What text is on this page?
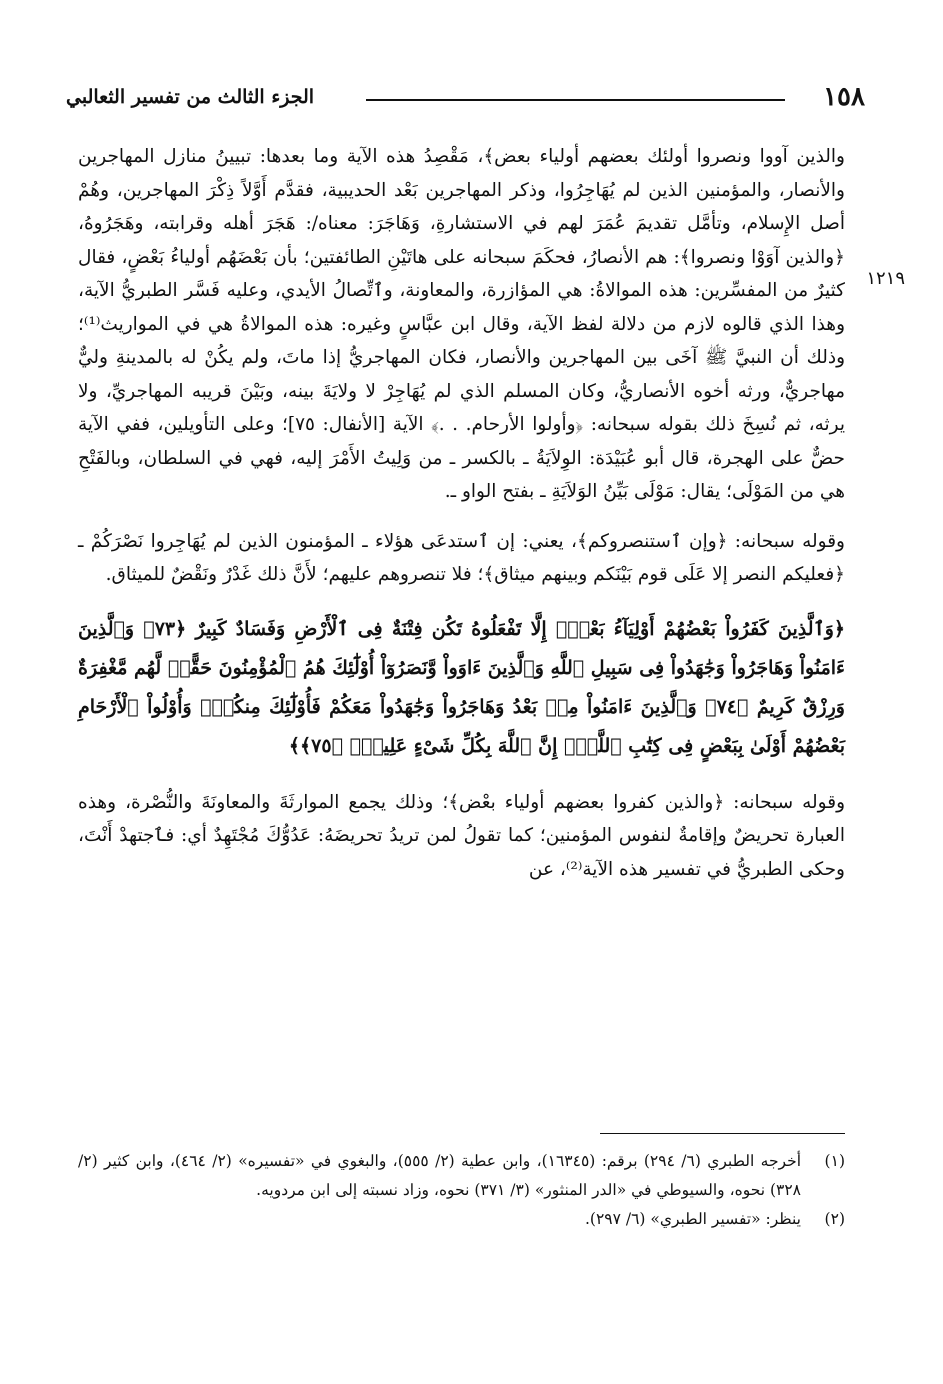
١٥٨
الجزء الثالث من تفسير الثعالبي
١٢١٩

والذين آووا ونصروا أولئك بعضهم أولياء بعض﴾، مَقْصِدُ هذه الآية وما بعدها: تبيينُ منازل المهاجرين والأنصار، والمؤمنين الذين لم يُهَاجِرُوا، وذكر المهاجرين بَعْد الحديبية، فقدَّم أَوَّلاً ذِكْرَ المهاجرين، وهُمْ أصل الإِسلام، وتأمَّل تقديمَ عُمَرَ لهم في الاستشارةِ، وَهَاجَرَ: معناه/: هَجَرَ أهله وقرابته، وهَجَرُوهُ، ﴿والذين آوَوْا ونصروا﴾: هم الأنصارُ، فحكَمَ سبحانه على هاتَيْنِ الطائفتين؛ بأن بَعْضَهُم أولياءُ بَعْضٍ، فقال كثيرٌ من المفسِّرين: هذه الموالاةُ: هي المؤازرة، والمعاونة، وٱتِّصالُ الأيدي، وعليه فَسَّر الطبريُّ الآية، وهذا الذي قالوه لازم من دلالة لفظ الآية، وقال ابن عبَّاسٍ وغيره: هذه الموالاةُ هي في المواريث⁽¹⁾؛ وذلك أن النبيَّ ﷺ آخَى بين المهاجرين والأنصار، فكان المهاجريُّ إذا ماتَ، ولم يكُنْ له بالمدينةِ وليٌّ مهاجريٌّ، ورثه أخوه الأنصاريُّ، وكان المسلم الذي لم يُهَاجِرْ لا ولايَةَ بينه، وبَيْنَ قريبه المهاجريِّ، ولا يرثه، ثم نُسِخَ ذلك بقوله سبحانه: ﴿وأولوا الأرحام. . .﴾ الآية [الأنفال: ٧٥]؛ وعلى التأويلين، ففي الآية حضٌّ على الهجرة، قال أبو عُبَيْدَة: الوِلاَيَةُ ـ بالكسر ـ من وَلِيتُ الأَمْرَ إليه، فهي في السلطان، وبالفَتْحِ هي من المَوْلَى؛ يقال: مَوْلَى بَيِّنُ الوَلاَيَةِ ـ بفتح الواو ـ.

وقوله سبحانه: ﴿وإن ٱستنصروكم﴾، يعني: إن ٱستدعَى هؤلاء ـ المؤمنون الذين لم يُهَاجِروا نَصْرَكُمْ ـ ﴿فعليكم النصر إلا عَلَى قوم بَيْنَكم وبينهم ميثاق﴾؛ فلا تنصروهم عليهم؛ لأَنَّ ذلك غَدْرٌ ونَقْضٌ للميثاق.

﴿وَٱلَّذِينَ كَفَرُواْ بَعْضُهُمْ أَوْلِيَآءُ بَعْضٍۚ إِلَّا تَفْعَلُوهُ تَكُن فِتْنَةٌ فِى ٱلْأَرْضِ وَفَسَادٌ كَبِيرٌ ﴿٧٣﴾ وَٱلَّذِينَ ءَامَنُواْ وَهَاجَرُواْ وَجَٰهَدُواْ فِى سَبِيلِ ٱللَّهِ وَٱلَّذِينَ ءَاوَواْ وَّنَصَرُوٓاْ أُوْلَٰٓئِكَ هُمُ ٱلْمُؤْمِنُونَ حَقًّاۚ لَّهُم مَّغْفِرَةٌ وَرِزْقٌ كَرِيمٌ ﴿٧٤﴾ وَٱلَّذِينَ ءَامَنُواْ مِنۢ بَعْدُ وَهَاجَرُواْ وَجَٰهَدُواْ مَعَكُمْ فَأُوْلَٰٓئِكَ مِنكُمْۚ وَأُوْلُواْ ٱلْأَرْحَامِ بَعْضُهُمْ أَوْلَىٰ بِبَعْضٍ فِى كِتَٰبِ ٱللَّهِۚ إِنَّ ٱللَّهَ بِكُلِّ شَىْءٍ عَلِيمٌۢ ﴿٧٥﴾﴾

وقوله سبحانه: ﴿والذين كفروا بعضهم أولياء بعْض﴾؛ وذلك يجمع الموارثَةَ والمعاونَةَ والنُّصْرة، وهذه العبارة تحريضٌ وإقامةٌ لنفوس المؤمنين؛ كما تقولُ لمن تريدُ تحريضَهُ: عَدُوُّكَ مُجْتَهِدٌ أي: فٱجتهدْ أَنْتَ، وحكى الطبريُّ في تفسير هذه الآية⁽²⁾، عن

(١)
أخرجه الطبري (٦/ ٢٩٤) برقم: (١٦٣٤٥)، وابن عطية (٢/ ٥٥٥)، والبغوي في «تفسيره» (٢/ ٤٦٤)، وابن كثير (٢/ ٣٢٨) نحوه، والسيوطي في «الدر المنثور» (٣/ ٣٧١) نحوه، وزاد نسبته إلى ابن مردويه.

(٢)
ينظر: «تفسير الطبري» (٦/ ٢٩٧).
